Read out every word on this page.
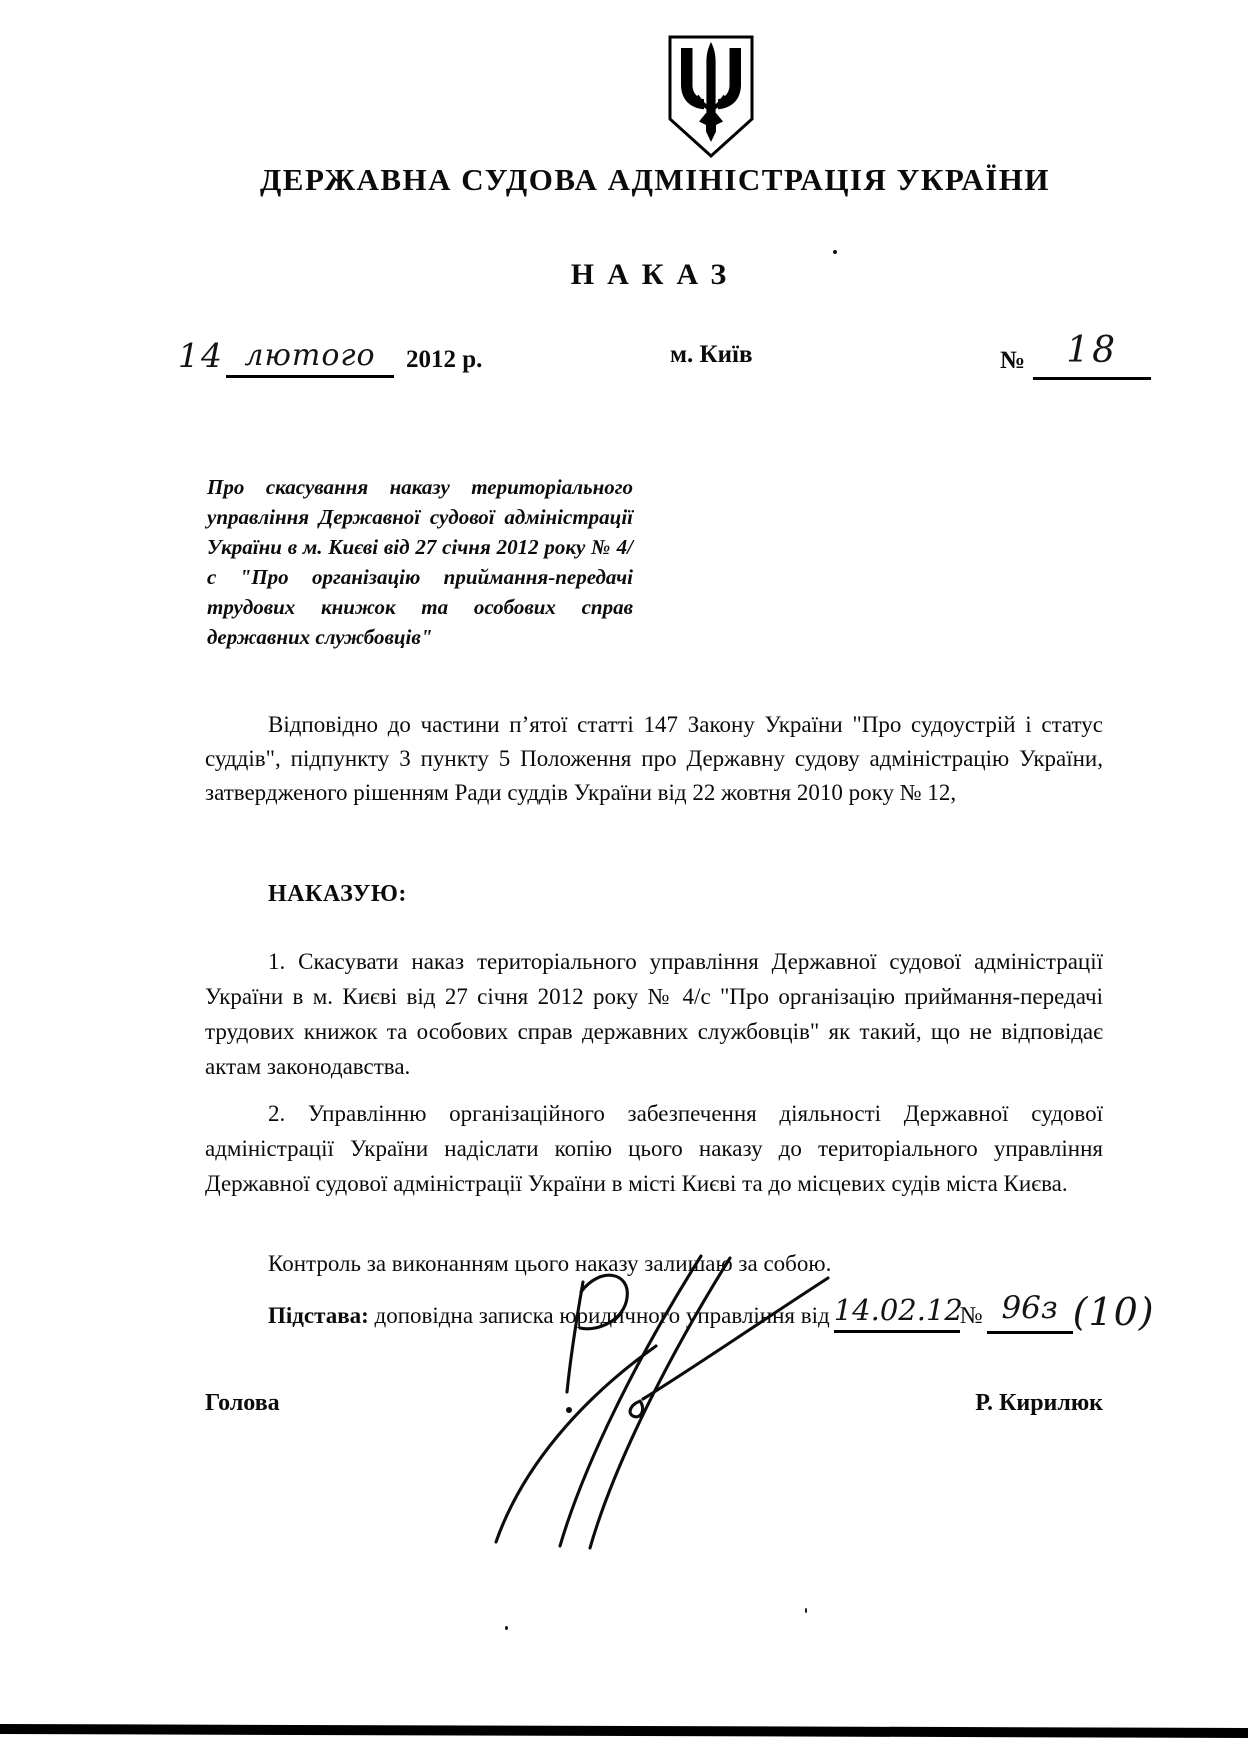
ДЕРЖАВНА СУДОВА АДМІНІСТРАЦІЯ УКРАЇНИ
НАКАЗ
14 лютого 2012 р.	м. Київ	№ 18
Про скасування наказу територіального управління Державної судової адміністрації України в м. Києві від 27 січня 2012 року № 4/с "Про організацію приймання-передачі трудових книжок та особових справ державних службовців"
Відповідно до частини п’ятої статті 147 Закону України "Про судоустрій і статус суддів", підпункту 3 пункту 5 Положення про Державну судову адміністрацію України, затвердженого рішенням Ради суддів України від 22 жовтня 2010 року № 12,
НАКАЗУЮ:
1. Скасувати наказ територіального управління Державної судової адміністрації України в м. Києві від 27 січня 2012 року № 4/с "Про організацію приймання-передачі трудових книжок та особових справ державних службовців" як такий, що не відповідає актам законодавства.
2. Управлінню організаційного забезпечення діяльності Державної судової адміністрації України надіслати копію цього наказу до територіального управління Державної судової адміністрації України в місті Києві та до місцевих судів міста Києва.
Контроль за виконанням цього наказу залишаю за собою.
Підстава: доповідна записка юридичного управління від 14.02.12№ 96з (10)
Голова	Р. Кирилюк
